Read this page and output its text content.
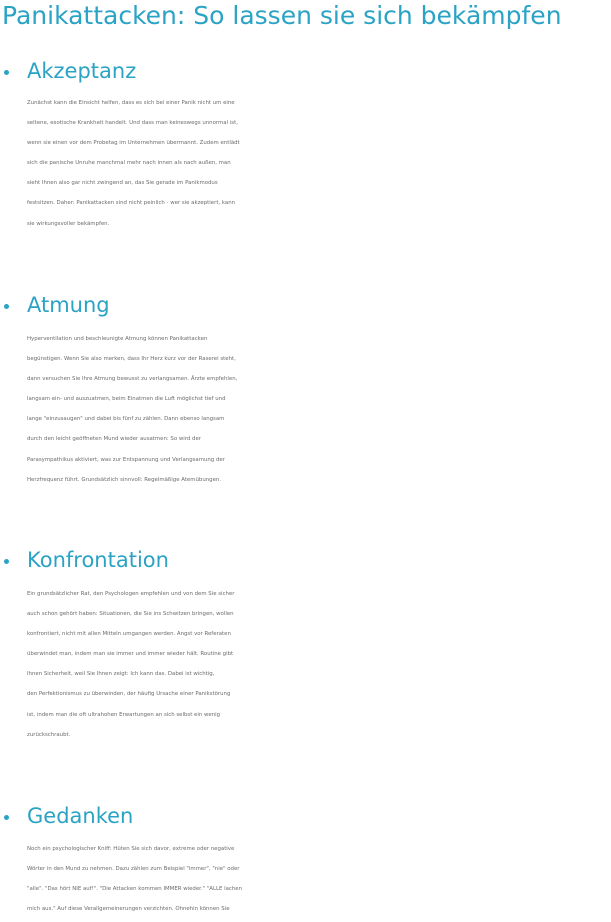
Panikattacken: So lassen sie sich bekämpfen
Akzeptanz
Zunächst kann die Einsicht helfen, dass es sich bei einer Panik nicht um eine
seltene, exotische Krankheit handelt. Und dass man keineswegs unnormal ist,
wenn sie einen vor dem Probetag im Unternehmen übermannt. Zudem entlädt
sich die panische Unruhe manchmal mehr nach innen als nach außen, man
sieht Ihnen also gar nicht zwingend an, das Sie gerade im Panikmodus
festsitzen. Daher: Panikattacken sind nicht peinlich - wer sie akzeptiert, kann
sie wirkungsvoller bekämpfen.
Atmung
Hyperventilation und beschleunigte Atmung können Panikattacken
begünstigen. Wenn Sie also merken, dass Ihr Herz kurz vor der Raserei steht,
dann versuchen Sie Ihre Atmung bewusst zu verlangsamen. Ärzte empfehlen,
langsam ein- und auszuatmen, beim Einatmen die Luft möglichst tief und
lange "einzusaugen" und dabei bis fünf zu zählen. Dann ebenso langsam
durch den leicht geöffneten Mund wieder ausatmen: So wird der
Parasympathikus aktiviert, was zur Entspannung und Verlangsamung der
Herzfrequenz führt. Grundsätzlich sinnvoll: Regelmäßige Atemübungen.
Konfrontation
Ein grundsätzlicher Rat, den Psychologen empfehlen und von dem Sie sicher
auch schon gehört haben: Situationen, die Sie ins Schwitzen bringen, wollen
konfrontiert, nicht mit allen Mitteln umgangen werden. Angst vor Referaten
überwindet man, indem man sie immer und immer wieder hält. Routine gibt
Ihnen Sicherheit, weil Sie Ihnen zeigt: Ich kann das. Dabei ist wichtig,
den Perfektionismus zu überwinden, der häufig Ursache einer Panikstörung
ist, indem man die oft ultrahohen Erwartungen an sich selbst ein wenig
zurückschraubt.
Gedanken
Noch ein psychologischer Kniff: Hüten Sie sich davor, extreme oder negative
Wörter in den Mund zu nehmen. Dazu zählen zum Beispiel "immer", "nie" oder
"alle". "Das hört NIE auf!". "Die Attacken kommen IMMER wieder." "ALLE lachen
mich aus." Auf diese Verallgemeinerungen verzichten. Ohnehin können Sie
